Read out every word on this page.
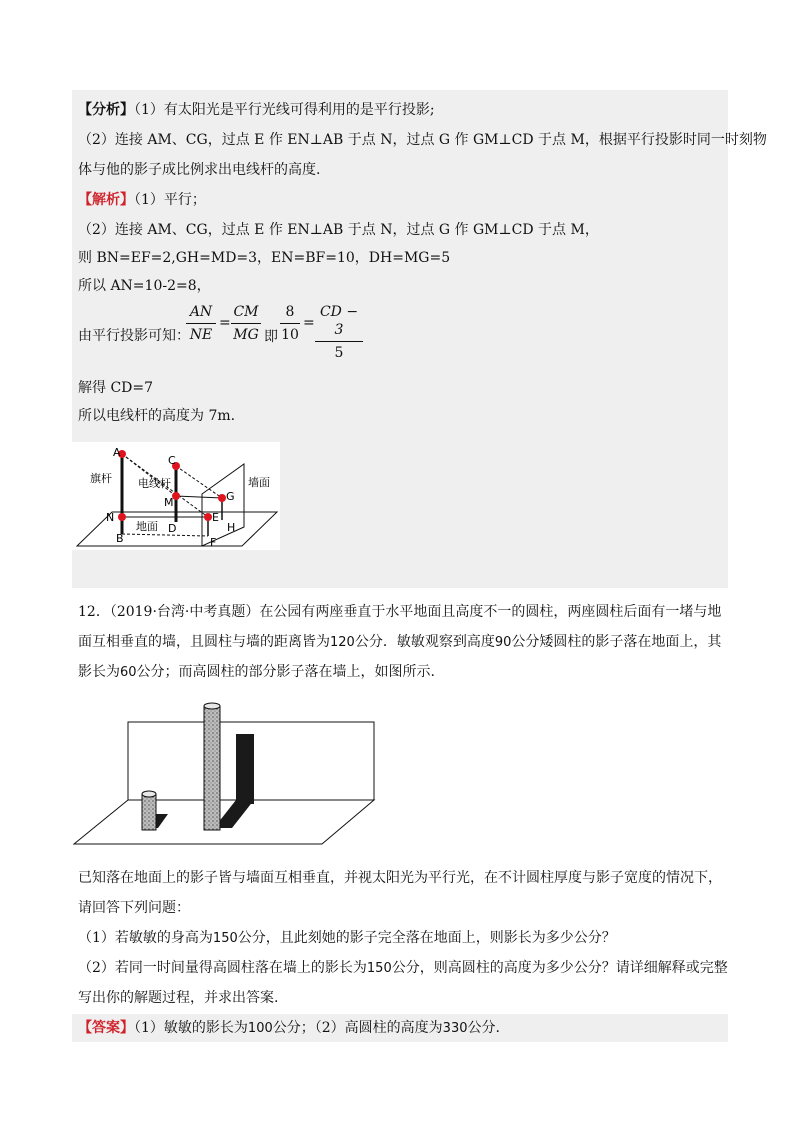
【分析】（1）有太阳光是平行光线可得利用的是平行投影;
（2）连接 AM、CG，过点 E 作 EN⊥AB 于点 N，过点 G 作 GM⊥CD 于点 M，根据平行投影时同一时刻物
体与他的影子成比例求出电线杆的高度.
【解析】（1）平行；
（2）连接 AM、CG，过点 E 作 EN⊥AB 于点 N，过点 G 作 GM⊥CD 于点 M，
则 BN=EF=2,GH=MD=3，EN=BF=10，DH=MG=5
所以 AN=10-2=8，
由平行投影可知：
AN
NE
=
CM
MG 即
8
10
=
CD − 3
5
解得 CD=7
所以电线杆的高度为 7m.
A
C
M	G
N	E
B
D
F
H
旗杆 电线杆	墙面
地面
12．（2019·台湾·中考真题）在公园有两座垂直于水平地面且高度不一的圆柱，两座圆柱后面有一堵与地
面互相垂直的墙，且圆柱与墙的距离皆为120公分．敏敏观察到高度90公分矮圆柱的影子落在地面上，其
影长为60公分；而高圆柱的部分影子落在墙上，如图所示.
已知落在地面上的影子皆与墙面互相垂直，并视太阳光为平行光，在不计圆柱厚度与影子宽度的情况下，
请回答下列问题：
（1）若敏敏的身高为150公分，且此刻她的影子完全落在地面上，则影长为多少公分？
（2）若同一时间量得高圆柱落在墙上的影长为150公分，则高圆柱的高度为多少公分？请详细解释或完整
写出你的解题过程，并求出答案.
【答案】（1）敏敏的影长为100公分；（2）高圆柱的高度为330公分.
